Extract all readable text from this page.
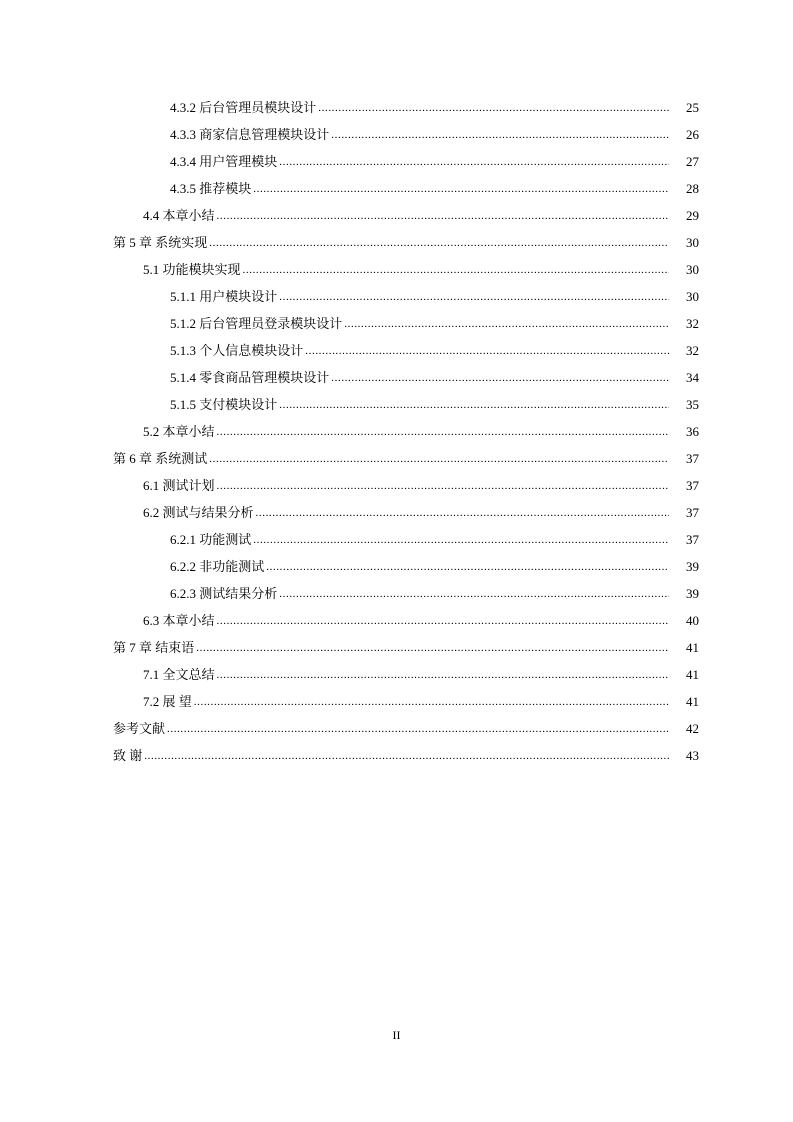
4.3.2 后台管理员模块设计 .....	25
4.3.3 商家信息管理模块设计 .....	26
4.3.4 用户管理模块 .....	27
4.3.5 推荐模块 .....	28
4.4 本章小结 .....	29
第 5 章 系统实现 .....	30
5.1 功能模块实现 .....	30
5.1.1 用户模块设计 .....	30
5.1.2 后台管理员登录模块设计 .....	32
5.1.3 个人信息模块设计 .....	32
5.1.4 零食商品管理模块设计 .....	34
5.1.5 支付模块设计 .....	35
5.2 本章小结 .....	36
第 6 章 系统测试 .....	37
6.1 测试计划 .....	37
6.2 测试与结果分析 .....	37
6.2.1 功能测试 .....	37
6.2.2 非功能测试 .....	39
6.2.3 测试结果分析 .....	39
6.3 本章小结 .....	40
第 7 章 结束语 .....	41
7.1 全文总结 .....	41
7.2 展 望 .....	41
参考文献 .....	42
致 谢 .....	43
II
